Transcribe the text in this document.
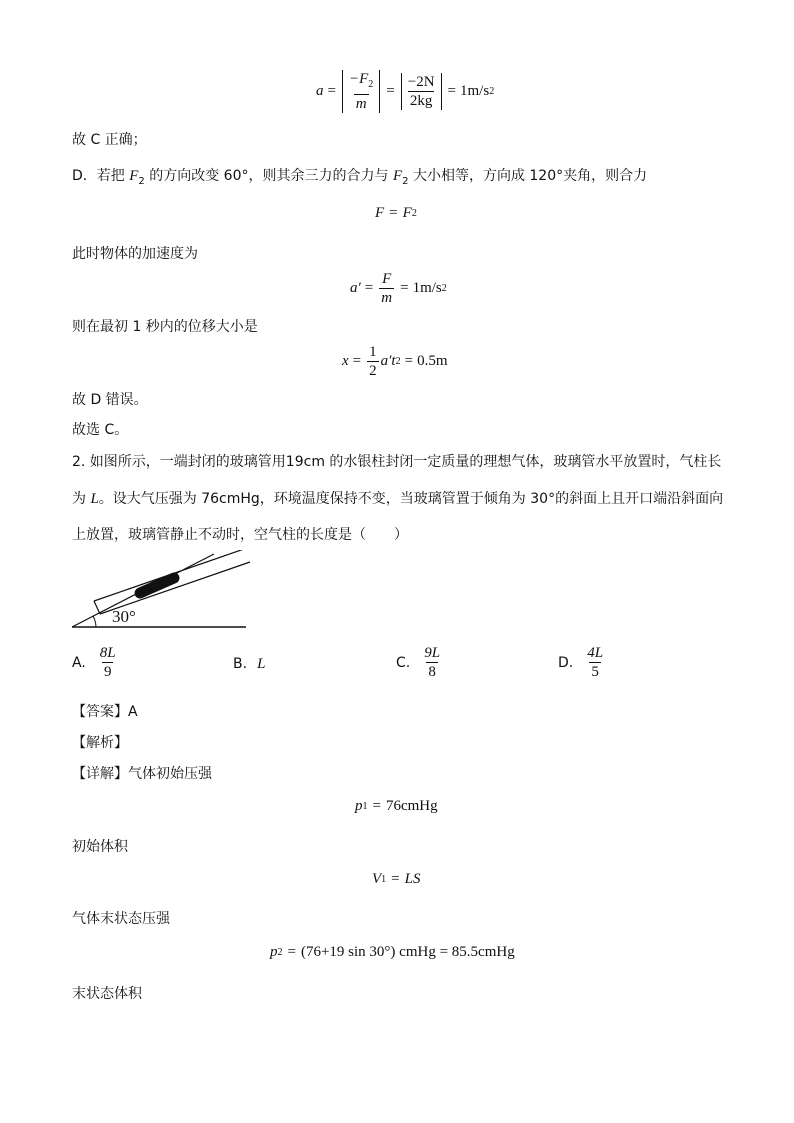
$a = \frac{-F_2}{m} = \frac{-2N}{2kg} = 1m/s$ 2
故 C 正确；
D．若把 $F_2$ 的方向改变 60°，则其余三力的合力与 $F_2$ 大小相等，方向成 120°夹角，则合力
F = F 2
此时物体的加速度为
$a' = \frac{F}{m} = 1m/s$ 2
则在最初 1 秒内的位移大小是
$x = \frac{1}{2} a't$ 2 = 0.5m
故 D 错误。
故选 C。
2. 如图所示，一端封闭的玻璃管用19cm 的水银柱封闭一定质量的理想气体，玻璃管水平放置时，气柱长
为 L。设大气压强为 76cmHg，环境温度保持不变，当玻璃管置于倾角为 30°的斜面上且开口端沿斜面向
上放置，玻璃管静止不动时，空气柱的长度是（　　）
30°
A. $\frac{8L}{9}$	B. L	C. $\frac{9L}{8}$	D. $\frac{4L}{5}$
【答案】A
【解析】
【详解】气体初始压强
p 1 = 76cmHg
初始体积
V 1 = LS
气体末状态压强
p 2 = (76+19 sin 30°) cmHg = 85.5cmHg
末状态体积
